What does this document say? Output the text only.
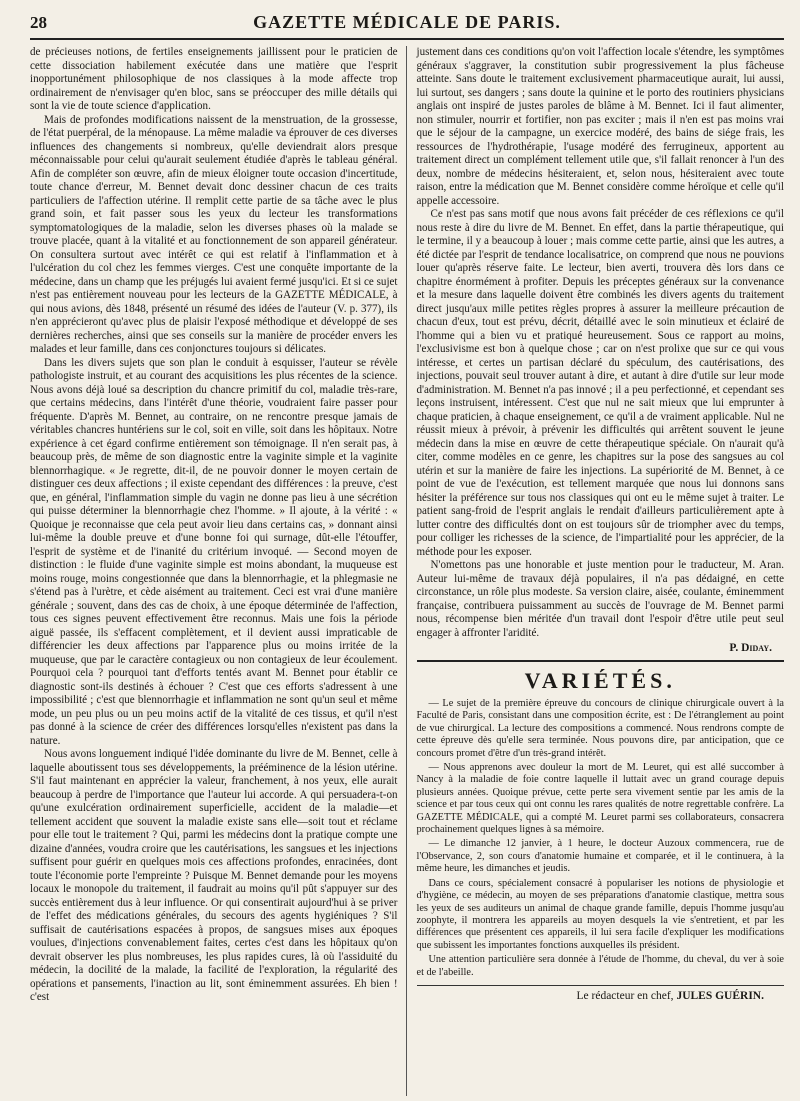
28	GAZETTE MÉDICALE DE PARIS.

de précieuses notions, de fertiles enseignements jaillissent pour le praticien de cette dissociation habilement exécutée dans une matière que l'esprit inopportunément philosophique de nos classiques à la mode affecte trop ordinairement de n'envisager qu'en bloc, sans se préoccuper des mille détails qui sont la vie de toute science d'application.

Mais de profondes modifications naissent de la menstruation, de la grossesse, de l'état puerpéral, de la ménopause. La même maladie va éprouver de ces diverses influences des changements si nombreux, qu'elle deviendrait alors presque méconnaissable pour celui qu'aurait seulement étudiée d'après le tableau général. Afin de compléter son œuvre, afin de mieux éloigner toute occasion d'incertitude, toute chance d'erreur, M. Bennet devait donc dessiner chacun de ces traits particuliers de l'affection utérine. Il remplit cette partie de sa tâche avec le plus grand soin, et fait passer sous les yeux du lecteur les transformations symptomatologiques de la maladie, selon les diverses phases où la malade se trouve placée, quant à la vitalité et au fonctionnement de son appareil générateur. On consultera surtout avec intérêt ce qui est relatif à l'inflammation et à l'ulcération du col chez les femmes vierges. C'est une conquête importante de la médecine, dans un champ que les préjugés lui avaient fermé jusqu'ici. Et si ce sujet n'est pas entièrement nouveau pour les lecteurs de la GAZETTE MÉDICALE, à qui nous avions, dès 1848, présenté un résumé des idées de l'auteur (V. p. 377), ils n'en apprécieront qu'avec plus de plaisir l'exposé méthodique et développé de ses dernières recherches, ainsi que ses conseils sur la manière de procéder envers les malades et leur famille, dans ces conjonctures toujours si délicates.

Dans les divers sujets que son plan le conduit à esquisser, l'auteur se révèle pathologiste instruit, et au courant des acquisitions les plus récentes de la science. Nous avons déjà loué sa description du chancre primitif du col, maladie très-rare, que certains médecins, dans l'intérêt d'une théorie, voudraient faire passer pour fréquente. D'après M. Bennet, au contraire, on ne rencontre presque jamais de véritables chancres huntériens sur le col, soit en ville, soit dans les hôpitaux. Notre expérience à cet égard confirme entièrement son témoignage. Il n'en serait pas, à beaucoup près, de même de son diagnostic entre la vaginite simple et la vaginite blennorrhagique. « Je regrette, dit-il, de ne pouvoir donner le moyen certain de distinguer ces deux affections ; il existe cependant des différences : la preuve, c'est que, en général, l'inflammation simple du vagin ne donne pas lieu à une sécrétion qui puisse déterminer la blennorrhagie chez l'homme. » Il ajoute, à la vérité : « Quoique je reconnaisse que cela peut avoir lieu dans certains cas, » donnant ainsi lui-même la double preuve et d'une bonne foi qui surnage, dût-elle l'étouffer, l'esprit de système et de l'inanité du critérium invoqué. — Second moyen de distinction : le fluide d'une vaginite simple est moins abondant, la muqueuse est moins rouge, moins congestionnée que dans la blennorrhagie, et la phlegmasie ne s'étend pas à l'urètre, et cède aisément au traitement. Ceci est vrai d'une manière générale ; souvent, dans des cas de choix, à une époque déterminée de l'affection, tous ces signes peuvent effectivement être reconnus. Mais une fois la période aiguë passée, ils s'effacent complètement, et il devient aussi impraticable de différencier les deux affections par l'apparence plus ou moins irritée de la muqueuse, que par le caractère contagieux ou non contagieux de leur écoulement. Pourquoi cela ? pourquoi tant d'efforts tentés avant M. Bennet pour établir ce diagnostic sont-ils destinés à échouer ? C'est que ces efforts s'adressent à une impossibilité ; c'est que blennorrhagie et inflammation ne sont qu'un seul et même mode, un peu plus ou un peu moins actif de la vitalité de ces tissus, et qu'il n'est pas donné à la science de créer des différences lorsqu'elles n'existent pas dans la nature.

Nous avons longuement indiqué l'idée dominante du livre de M. Bennet, celle à laquelle aboutissent tous ses développements, la prééminence de la lésion utérine. S'il faut maintenant en apprécier la valeur, franchement, à nos yeux, elle aurait beaucoup à perdre de l'importance que l'auteur lui accorde. A qui persuadera-t-on qu'une exulcération ordinairement superficielle, accident de la maladie—et tellement accident que souvent la maladie existe sans elle—soit tout et réclame pour elle tout le traitement ? Qui, parmi les médecins dont la pratique compte une dizaine d'années, voudra croire que les cautérisations, les sangsues et les injections suffisent pour guérir en quelques mois ces affections profondes, enracinées, dont toute l'économie porte l'empreinte ? Puisque M. Bennet demande pour les moyens locaux le monopole du traitement, il faudrait au moins qu'il pût s'appuyer sur des succès entièrement dus à leur influence. Or qui consentirait aujourd'hui à se priver de l'effet des médications générales, du secours des agents hygiéniques ? S'il suffisait de cautérisations espacées à propos, de sangsues mises aux époques voulues, d'injections convenablement faites, certes c'est dans les hôpitaux qu'on devrait observer les plus nombreuses, les plus rapides cures, là où l'assiduité du médecin, la docilité de la malade, la facilité de l'exploration, la régularité des opérations et pansements, l'inaction au lit, sont éminemment assurées. Eh bien ! c'est

justement dans ces conditions qu'on voit l'affection locale s'étendre, les symptômes généraux s'aggraver, la constitution subir progressivement la plus fâcheuse atteinte. Sans doute le traitement exclusivement pharmaceutique aurait, lui aussi, lui surtout, ses dangers ; sans doute la quinine et le porto des routiniers physicians anglais ont inspiré de justes paroles de blâme à M. Bennet. Ici il faut alimenter, non stimuler, nourrir et fortifier, non pas exciter ; mais il n'en est pas moins vrai que le séjour de la campagne, un exercice modéré, des bains de siége frais, les ressources de l'hydrothérapie, l'usage modéré des ferrugineux, apportent au traitement direct un complément tellement utile que, s'il fallait renoncer à l'un des deux, nombre de médecins hésiteraient, et, selon nous, hésiteraient avec toute raison, entre la médication que M. Bennet considère comme héroïque et celle qu'il appelle accessoire.

Ce n'est pas sans motif que nous avons fait précéder de ces réflexions ce qu'il nous reste à dire du livre de M. Bennet. En effet, dans la partie thérapeutique, qui le termine, il y a beaucoup à louer ; mais comme cette partie, ainsi que les autres, a été dictée par l'esprit de tendance localisatrice, on comprend que nous ne pouvions louer qu'après réserve faite. Le lecteur, bien averti, trouvera dès lors dans ce chapitre énormément à profiter. Depuis les préceptes généraux sur la convenance et la mesure dans laquelle doivent être combinés les divers agents du traitement direct jusqu'aux mille petites règles propres à assurer la meilleure précaution de chacun d'eux, tout est prévu, décrit, détaillé avec le soin minutieux et éclairé de l'homme qui a bien vu et pratiqué heureusement. Sous ce rapport au moins, l'exclusivisme est bon à quelque chose ; car on n'est prolixe que sur ce qui vous intéresse, et certes un partisan déclaré du spéculum, des cautérisations, des injections, pouvait seul trouver autant à dire, et autant à dire d'utile sur leur mode d'administration. M. Bennet n'a pas innové ; il a peu perfectionné, et cependant ses leçons instruisent, intéressent. C'est que nul ne sait mieux que lui emprunter à chaque praticien, à chaque enseignement, ce qu'il a de vraiment applicable. Nul ne réussit mieux à prévoir, à prévenir les difficultés qui arrêtent souvent le jeune médecin dans la mise en œuvre de cette thérapeutique spéciale. On n'aurait qu'à citer, comme modèles en ce genre, les chapitres sur la pose des sangsues au col utérin et sur la manière de faire les injections. La supériorité de M. Bennet, à ce point de vue de l'exécution, est tellement marquée que nous lui donnons sans hésiter la préférence sur tous nos classiques qui ont eu le même sujet à traiter. Le patient sang-froid de l'esprit anglais le rendait d'ailleurs particulièrement apte à lutter contre des difficultés dont on est toujours sûr de triompher avec du temps, pour colliger les richesses de la science, de l'impartialité pour les apprécier, de la méthode pour les exposer.

N'omettons pas une honorable et juste mention pour le traducteur, M. Aran. Auteur lui-même de travaux déjà populaires, il n'a pas dédaigné, en cette circonstance, un rôle plus modeste. Sa version claire, aisée, coulante, éminemment française, contribuera puissamment au succès de l'ouvrage de M. Bennet parmi nous, récompense bien méritée d'un travail dont l'espoir d'être utile peut seul engager à affronter l'aridité.

P. Diday.
VARIÉTÉS.

— Le sujet de la première épreuve du concours de clinique chirurgicale ouvert à la Faculté de Paris, consistant dans une composition écrite, est : De l'étranglement au point de vue chirurgical. La lecture des compositions a commencé. Nous rendrons compte de cette épreuve dès qu'elle sera terminée. Nous pouvons dire, par anticipation, que ce concours promet d'être d'un très-grand intérêt.

— Nous apprenons avec douleur la mort de M. Leuret, qui est allé succomber à Nancy à la maladie de foie contre laquelle il luttait avec un grand courage depuis plusieurs années. Quoique prévue, cette perte sera vivement sentie par les amis de la science et par tous ceux qui ont connu les rares qualités de notre regrettable confrère. La GAZETTE MÉDICALE, qui a compté M. Leuret parmi ses collaborateurs, consacrera prochainement quelques lignes à sa mémoire.

— Le dimanche 12 janvier, à 1 heure, le docteur Auzoux commencera, rue de l'Observance, 2, son cours d'anatomie humaine et comparée, et il le continuera, à la même heure, les dimanches et jeudis.

Dans ce cours, spécialement consacré à populariser les notions de physiologie et d'hygiène, ce médecin, au moyen de ses préparations d'anatomie clastique, mettra sous les yeux de ses auditeurs un animal de chaque grande famille, depuis l'homme jusqu'au zoophyte, il montrera les appareils au moyen desquels la vie s'entretient, et par les différences que présentent ces appareils, il lui sera facile d'expliquer les modifications que subissent les importantes fonctions auxquelles ils président.

Une attention particulière sera donnée à l'étude de l'homme, du cheval, du ver à soie et de l'abeille.

Le rédacteur en chef, JULES GUÉRIN.
